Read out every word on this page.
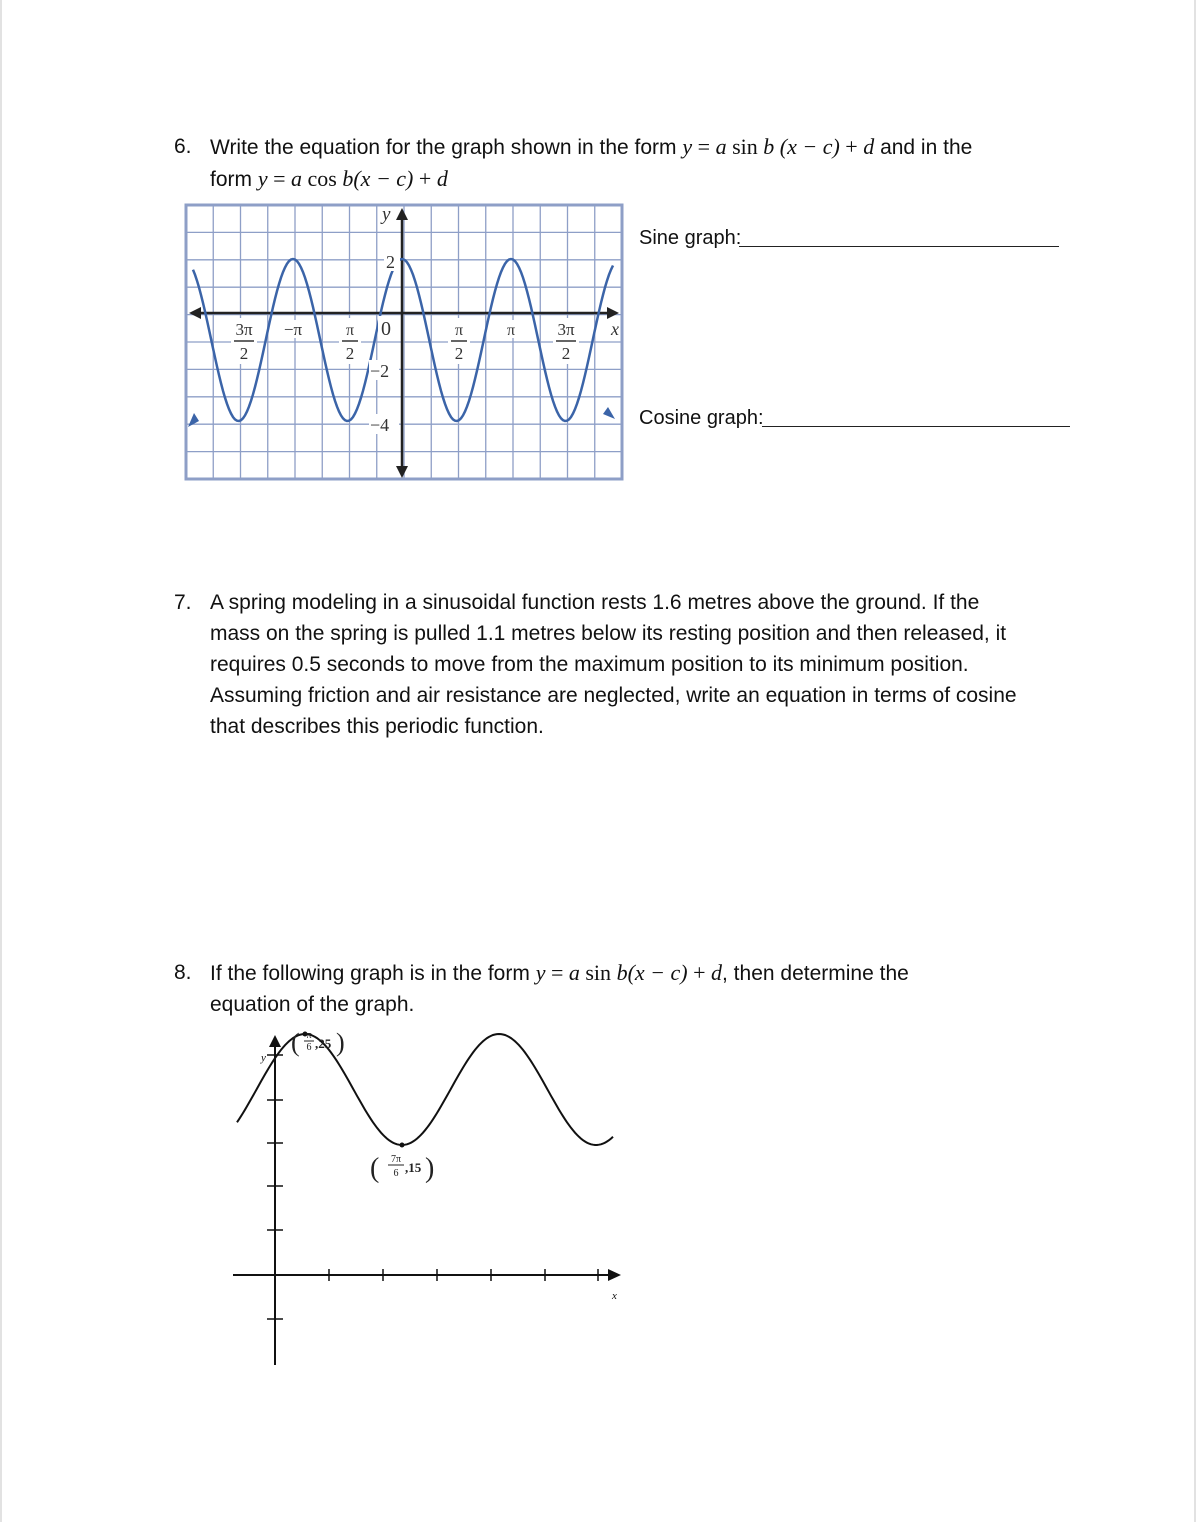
6. Write the equation for the graph shown in the form y = a sin b (x − c) + d and in the
form y = a cos b(x − c) + d
y
x
0
2
−2
−4
3π
2
−π	π
2
π
2
π 3π
2
Sine graph:
Cosine graph:
7. A spring modeling in a sinusoidal function rests 1.6 metres above the ground. If the
mass on the spring is pulled 1.1 metres below its resting position and then released, it
requires 0.5 seconds to move from the maximum position to its minimum position.
Assuming friction and air resistance are neglected, write an equation in terms of cosine
that describes this periodic function.
8. If the following graph is in the form y = a sin b(x − c) + d, then determine the
equation of the graph.
y
x
( π
6 ,25 )
( 7π
6 ,15 )
